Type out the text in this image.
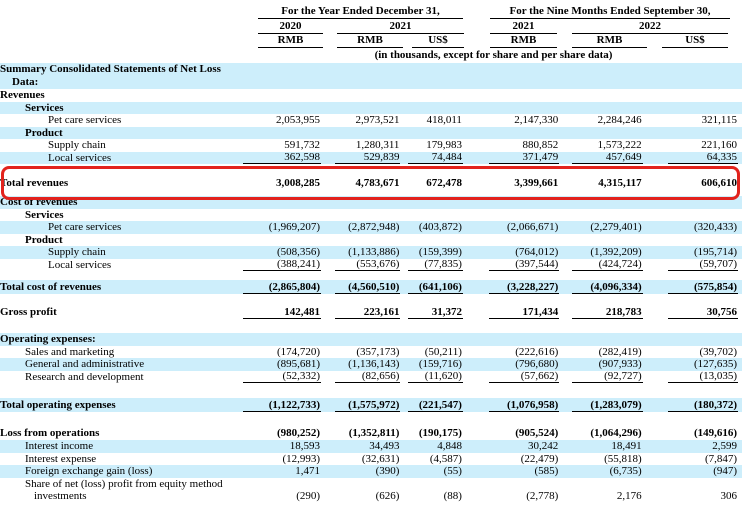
For the Year Ended December 31,	For the Nine Months Ended September 30,
2020	2021	2021	2022
RMB	RMB	US$	RMB	RMB	US$
(in thousands, except for share and per share data)
Summary Consolidated Statements of Net Loss
Data:
Revenues
Services
Pet care services	2,053,955	2,973,521	418,011	2,147,330	2,284,246	321,115
Product
Supply chain	591,732	1,280,311	179,983	880,852	1,573,222	221,160
Local services	362,598	529,839	74,484	371,479	457,649	64,335
Total revenues	3,008,285	4,783,671	672,478	3,399,661	4,315,117	606,610
Cost of revenues
Services
Pet care services	(1,969,207)	(2,872,948)	(403,872)	(2,066,671)	(2,279,401)	(320,433)
Product
Supply chain	(508,356)	(1,133,886)	(159,399)	(764,012)	(1,392,209)	(195,714)
Local services	(388,241)	(553,676)	(77,835)	(397,544)	(424,724)	(59,707)
Total cost of revenues	(2,865,804)	(4,560,510)	(641,106)	(3,228,227)	(4,096,334)	(575,854)
Gross profit	142,481	223,161	31,372	171,434	218,783	30,756
Operating expenses:
Sales and marketing	(174,720)	(357,173)	(50,211)	(222,616)	(282,419)	(39,702)
General and administrative	(895,681)	(1,136,143)	(159,716)	(796,680)	(907,933)	(127,635)
Research and development	(52,332)	(82,656)	(11,620)	(57,662)	(92,727)	(13,035)
Total operating expenses	(1,122,733)	(1,575,972)	(221,547)	(1,076,958)	(1,283,079)	(180,372)
Loss from operations	(980,252)	(1,352,811)	(190,175)	(905,524)	(1,064,296)	(149,616)
Interest income	18,593	34,493	4,848	30,242	18,491	2,599
Interest expense	(12,993)	(32,631)	(4,587)	(22,479)	(55,818)	(7,847)
Foreign exchange gain (loss)	1,471	(390)	(55)	(585)	(6,735)	(947)
Share of net (loss) profit from equity method
investments	(290)	(626)	(88)	(2,778)	2,176	306
